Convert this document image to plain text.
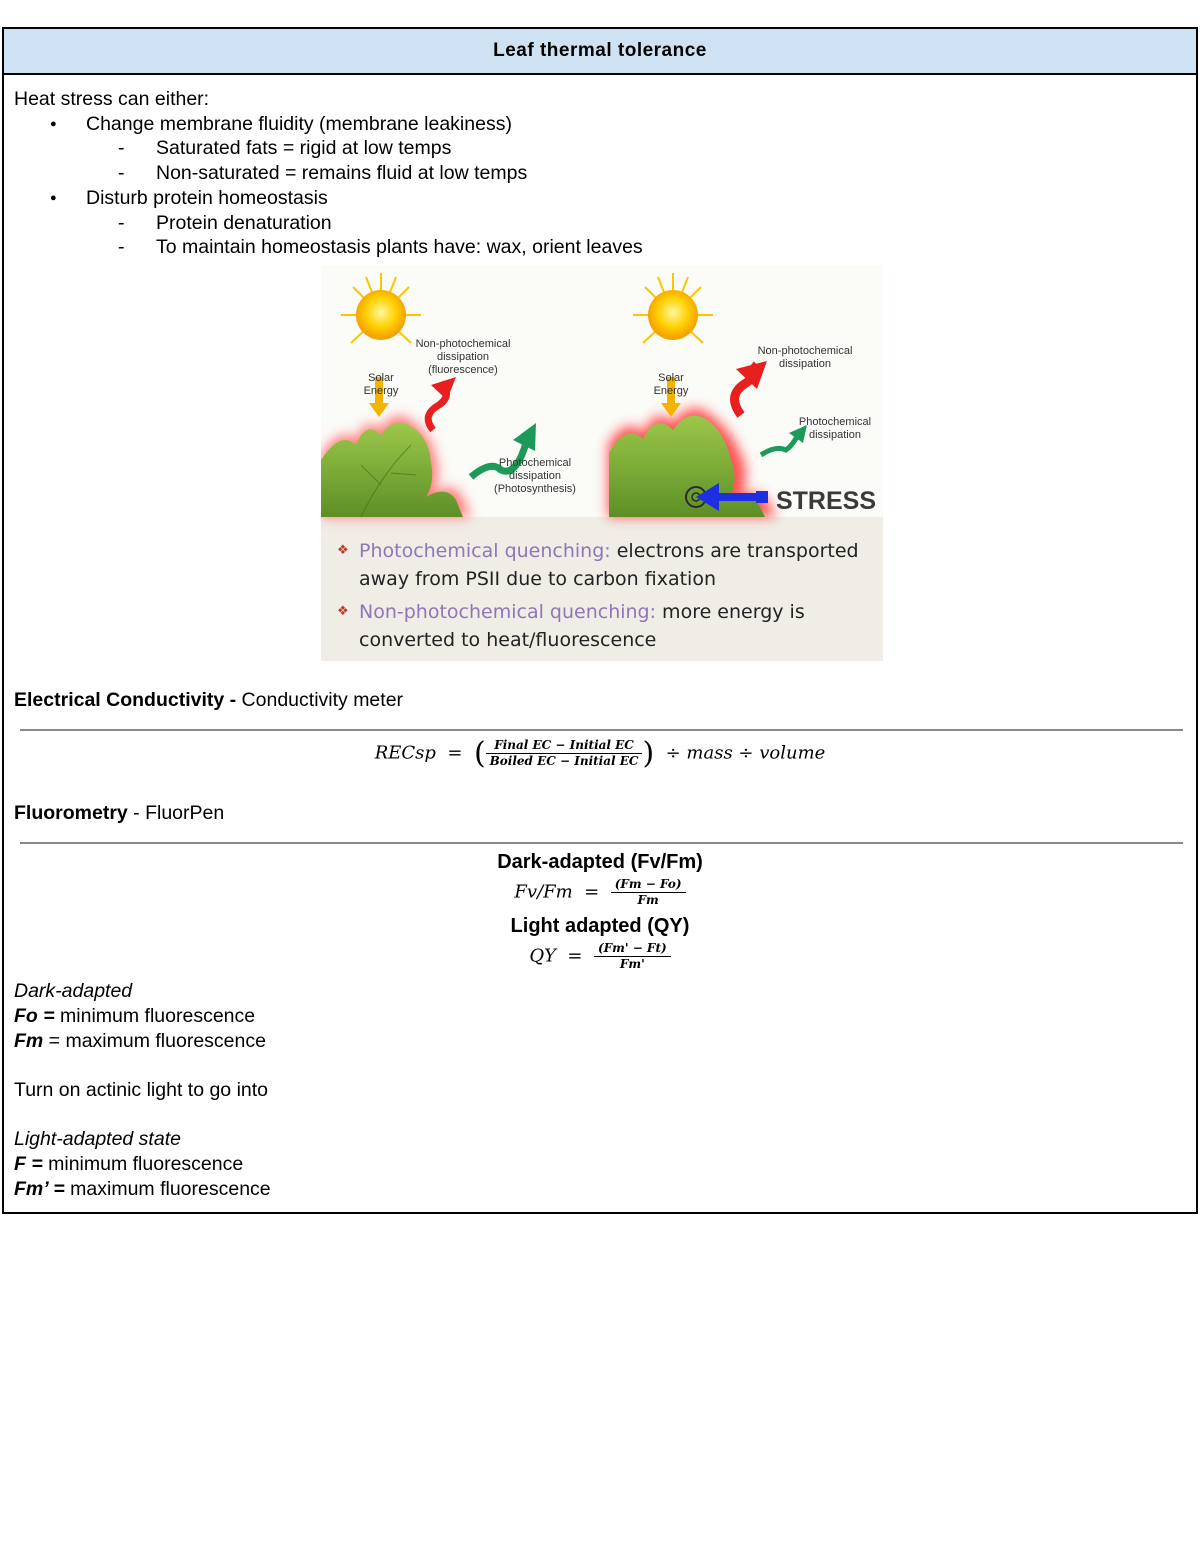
Leaf thermal tolerance
Heat stress can either:
● Change membrane fluidity (membrane leakiness)
- Saturated fats = rigid at low temps
- Non-saturated = remains fluid at low temps
● Disturb protein homeostasis
- Protein denaturation
- To maintain homeostasis plants have: wax, orient leaves
Solar
Energy
Non-photochemical
dissipation
(fluorescence)
Photochemical
dissipation
(Photosynthesis)
Solar
Energy
Non-photochemical
dissipation
Photochemical
dissipation
STRESS
❖ Photochemical quenching: electrons are transported
away from PSII due to carbon fixation
❖ Non-photochemical quenching: more energy is
converted to heat/fluorescence
Electrical Conductivity - Conductivity meter
RECsp = ( $\frac{\text{Final EC − Initial EC}}{\text{Boiled EC − Initial EC}}$ ) ÷ mass ÷ volume
Fluorometry - FluorPen
Dark-adapted (Fv/Fm)
$Fv/Fm = \frac{(Fm - Fo)}{Fm}$
Light adapted (QY)
QY = $\frac{(Fm' - Ft)}{Fm'}$
Dark-adapted
Fo = minimum fluorescence
Fm = maximum fluorescence
Turn on actinic light to go into
Light-adapted state
F = minimum fluorescence
Fm’ = maximum fluorescence
